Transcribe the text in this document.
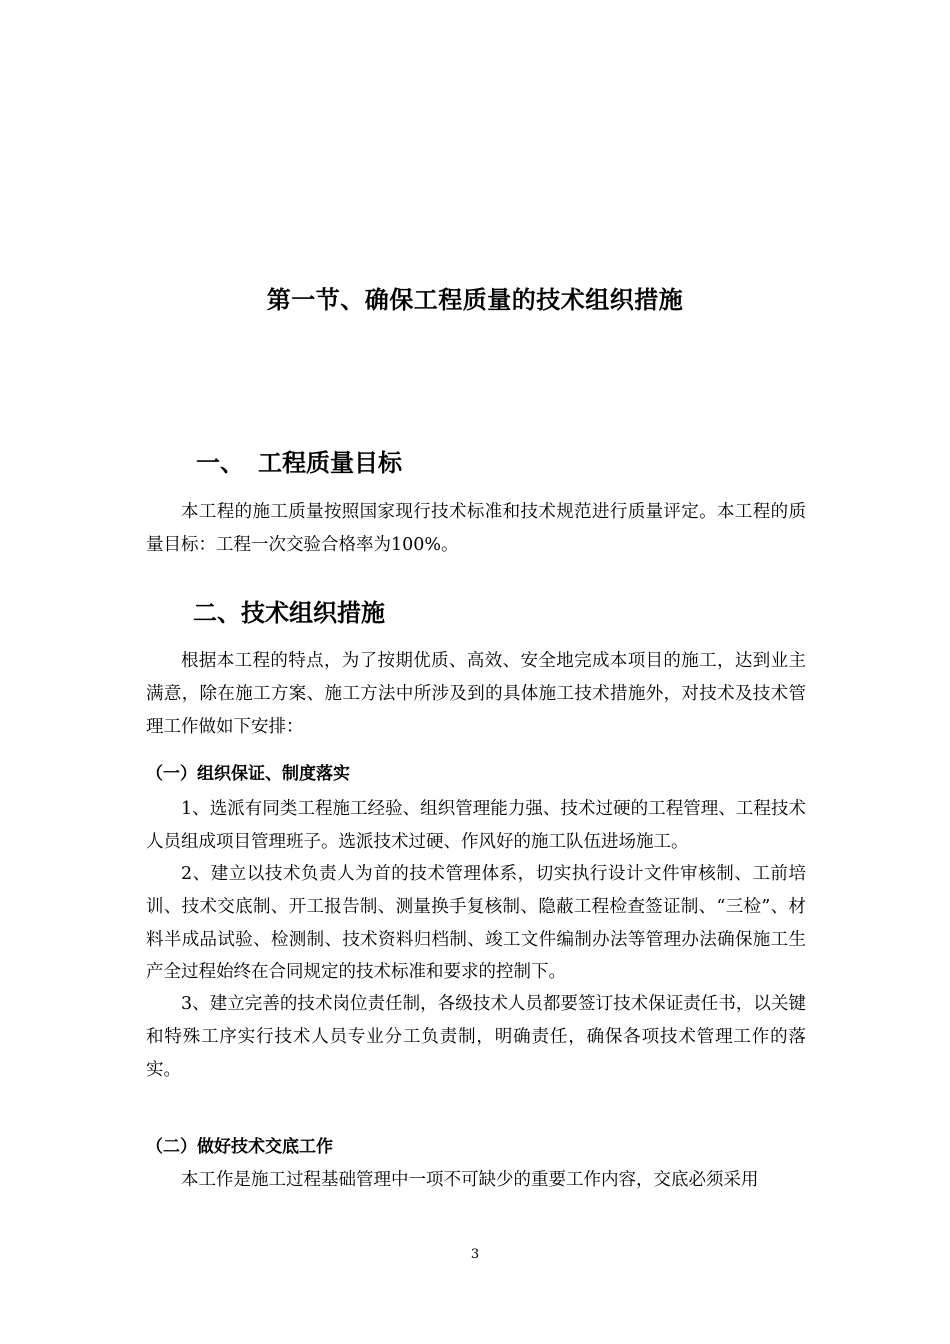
第一节、确保工程质量的技术组织措施
一、 工程质量目标

本工程的施工质量按照国家现行技术标准和技术规范进行质量评定。本工程的质量目标：工程一次交验合格率为100%。

二、技术组织措施

根据本工程的特点，为了按期优质、高效、安全地完成本项目的施工，达到业主满意，除在施工方案、施工方法中所涉及到的具体施工技术措施外，对技术及技术管理工作做如下安排：

（一）组织保证、制度落实

1、选派有同类工程施工经验、组织管理能力强、技术过硬的工程管理、工程技术人员组成项目管理班子。选派技术过硬、作风好的施工队伍进场施工。

2、建立以技术负责人为首的技术管理体系，切实执行设计文件审核制、工前培训、技术交底制、开工报告制、测量换手复核制、隐蔽工程检查签证制、“三检”、材料半成品试验、检测制、技术资料归档制、竣工文件编制办法等管理办法确保施工生产全过程始终在合同规定的技术标准和要求的控制下。

3、建立完善的技术岗位责任制，各级技术人员都要签订技术保证责任书，以关键和特殊工序实行技术人员专业分工负责制，明确责任，确保各项技术管理工作的落实。

（二）做好技术交底工作

本工作是施工过程基础管理中一项不可缺少的重要工作内容，交底必须采用

3
